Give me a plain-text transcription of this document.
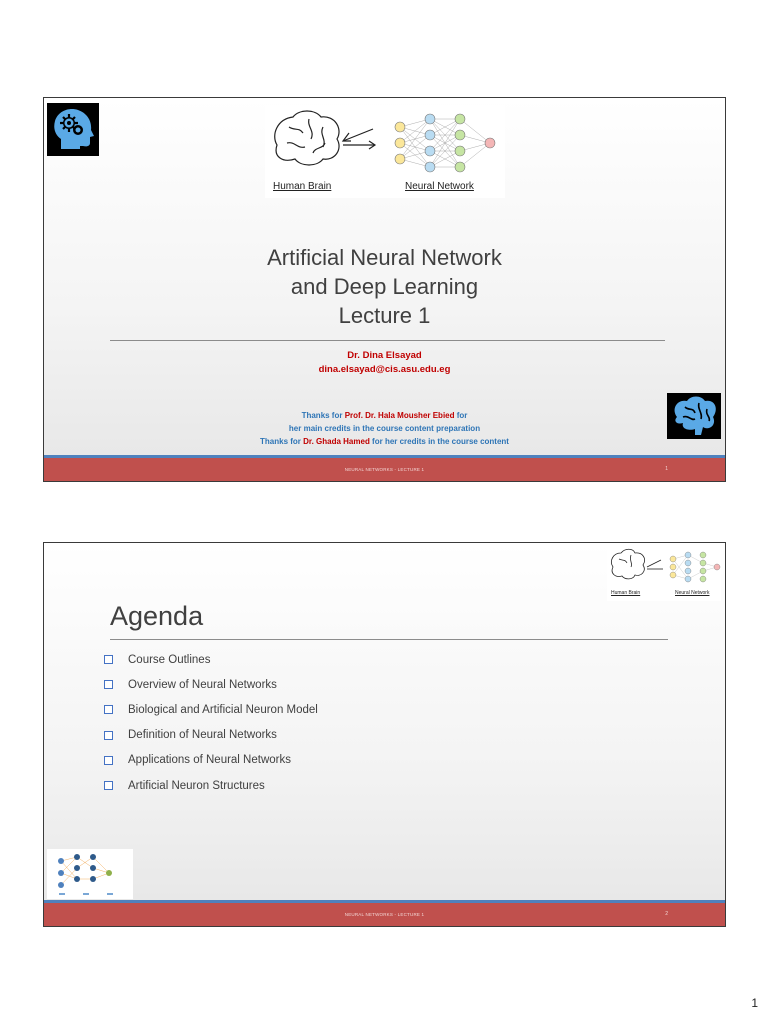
Human Brain	Neural Network
Artificial Neural Network
and Deep Learning
Lecture 1
Dr. Dina Elsayad
dina.elsayad@cis.asu.edu.eg
Thanks for Prof. Dr. Hala Mousher Ebied for
her main credits in the course content preparation
Thanks for Dr. Ghada Hamed for her credits in the course content
NEURAL NETWORKS - LECTURE 1	1
Human Brain	Neural Network
Agenda
Course Outlines
Overview of Neural Networks
Biological and Artificial Neuron Model
Definition of Neural Networks
Applications of Neural Networks
Artificial Neuron Structures
NEURAL NETWORKS - LECTURE 1	2
1
